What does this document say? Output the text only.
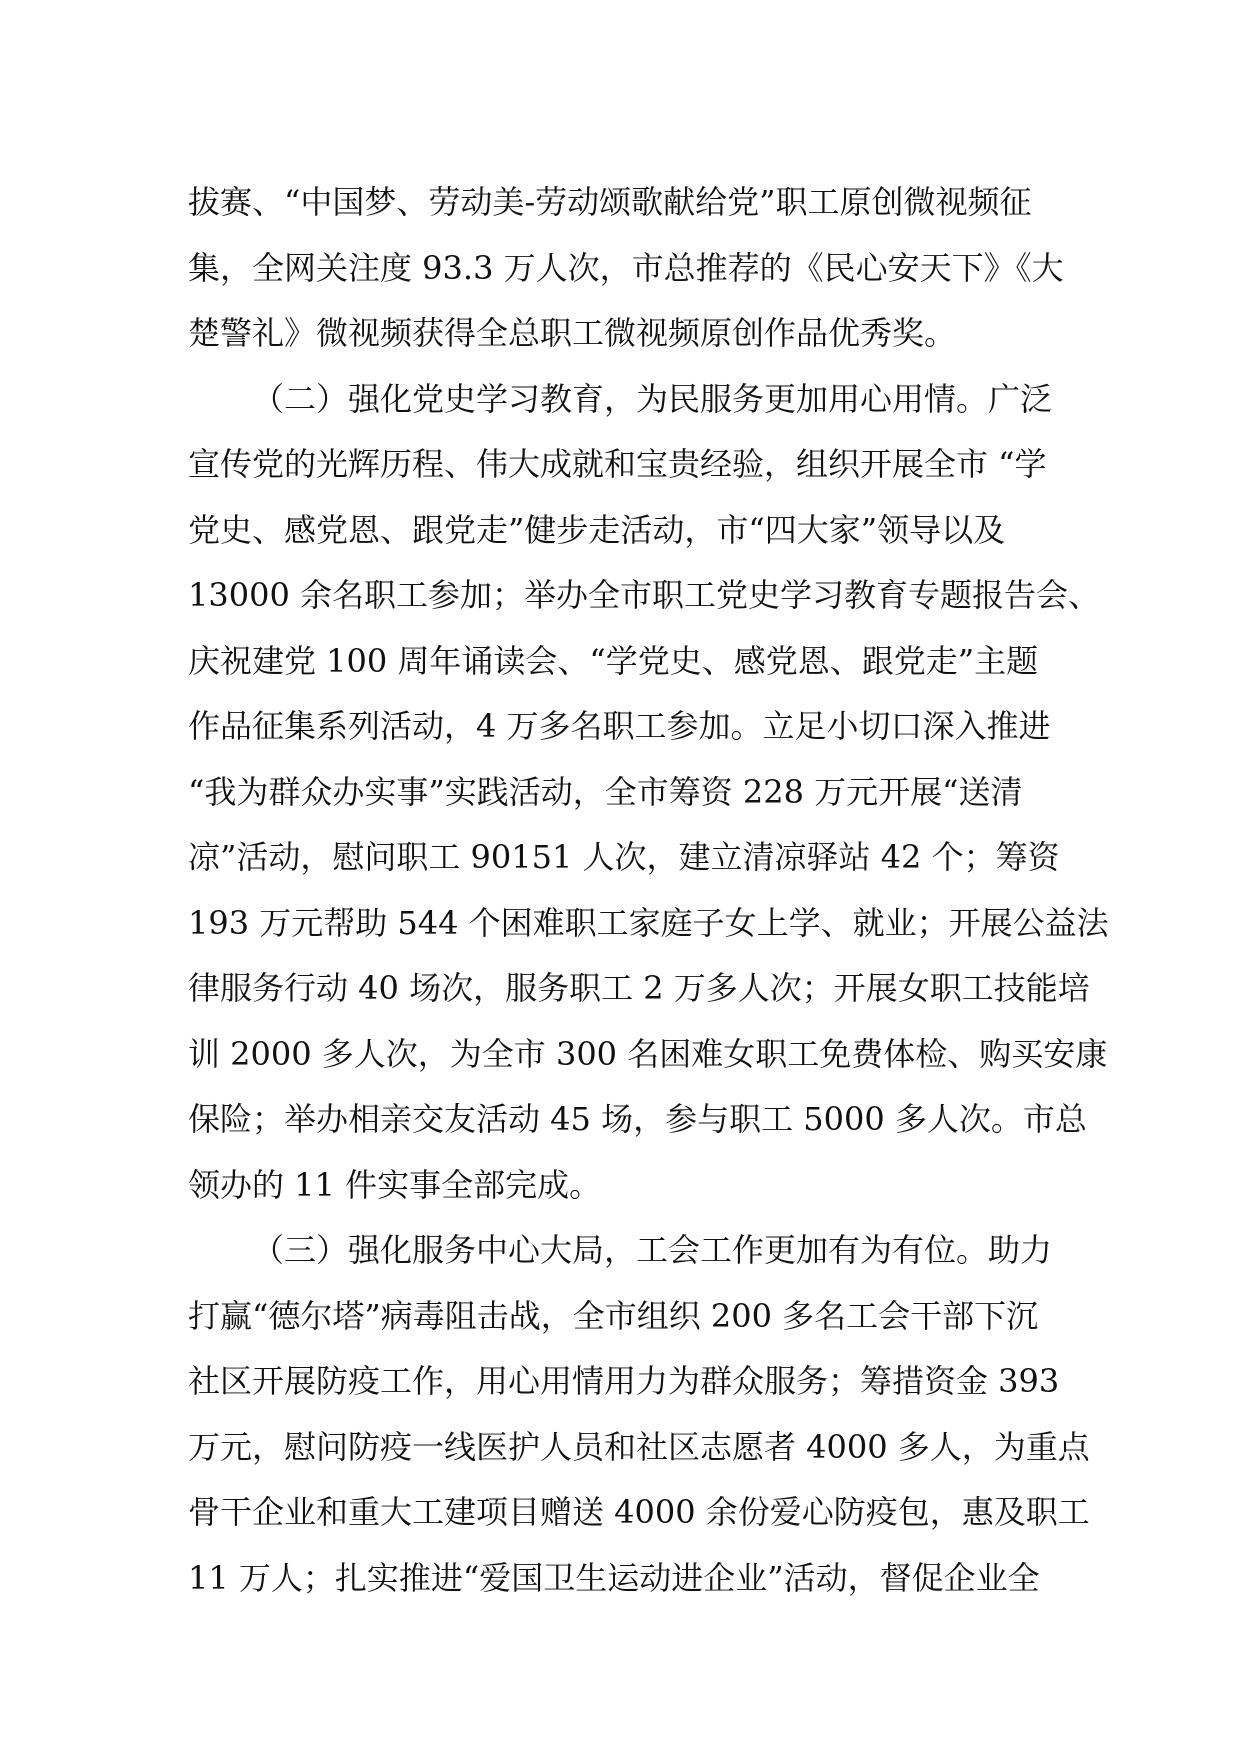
拔赛、“中国梦、劳动美-劳动颂歌献给党”职工原创微视频征
集，全网关注度 93.3 万人次，市总推荐的《民心安天下》《大
楚警礼》微视频获得全总职工微视频原创作品优秀奖。
（二）强化党史学习教育，为民服务更加用心用情。广泛
宣传党的光辉历程、伟大成就和宝贵经验，组织开展全市 “学
党史、感党恩、跟党走”健步走活动，市“四大家”领导以及
13000 余名职工参加；举办全市职工党史学习教育专题报告会、
庆祝建党 100 周年诵读会、“学党史、感党恩、跟党走”主题
作品征集系列活动，4 万多名职工参加。立足小切口深入推进
“我为群众办实事”实践活动，全市筹资 228 万元开展“送清
凉”活动，慰问职工 90151 人次，建立清凉驿站 42 个；筹资
193 万元帮助 544 个困难职工家庭子女上学、就业；开展公益法
律服务行动 40 场次，服务职工 2 万多人次；开展女职工技能培
训 2000 多人次，为全市 300 名困难女职工免费体检、购买安康
保险；举办相亲交友活动 45 场，参与职工 5000 多人次。市总
领办的 11 件实事全部完成。
（三）强化服务中心大局，工会工作更加有为有位。助力
打赢“德尔塔”病毒阻击战，全市组织 200 多名工会干部下沉
社区开展防疫工作，用心用情用力为群众服务；筹措资金 393
万元，慰问防疫一线医护人员和社区志愿者 4000 多人，为重点
骨干企业和重大工建项目赠送 4000 余份爱心防疫包，惠及职工
11 万人；扎实推进“爱国卫生运动进企业”活动，督促企业全
